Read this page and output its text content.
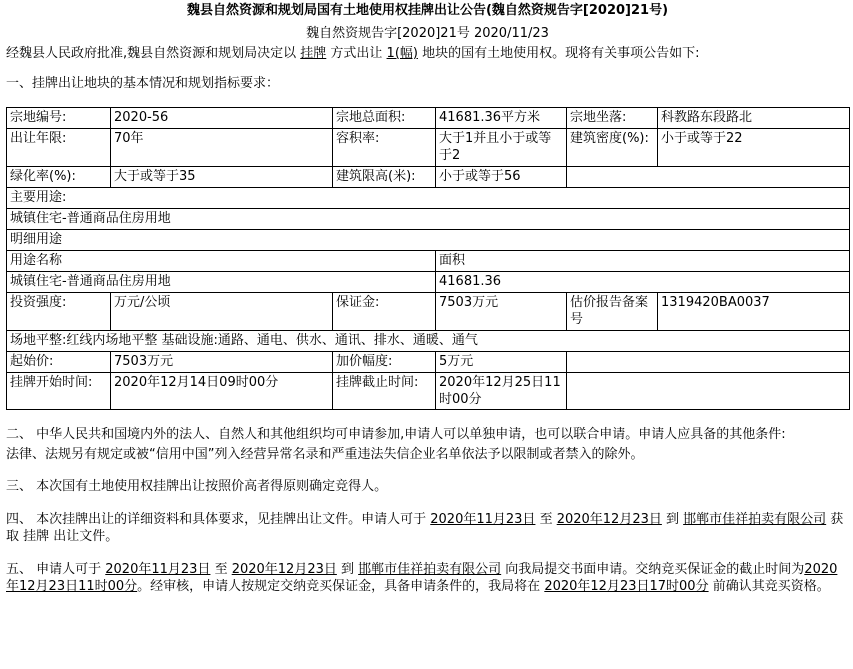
魏县自然资源和规划局国有土地使用权挂牌出让公告(魏自然资规告字[2020]21号)
魏自然资规告字[2020]21号 2020/11/23
经魏县人民政府批准,魏县自然资源和规划局决定以 挂牌 方式出让 1(幅) 地块的国有土地使用权。现将有关事项公告如下:
一、挂牌出让地块的基本情况和规划指标要求：
宗地编号:	2020-56	宗地总面积:	41681.36平方米	宗地坐落:	科教路东段路北
出让年限:	70年	容积率:	大于1并且小于或等于2	建筑密度(%):	小于或等于22
绿化率(%):	大于或等于35	建筑限高(米):	小于或等于56		
主要用途:					
城镇住宅-普通商品住房用地					
明细用途					
用途名称			面积		
城镇住宅-普通商品住房用地			41681.36		
投资强度:	万元/公顷	保证金:	7503万元	估价报告备案号	1319420BA0037
场地平整:红线内场地平整 基础设施:通路、通电、供水、通讯、排水、通暖、通气					
起始价:	7503万元	加价幅度:	5万元		
挂牌开始时间:	2020年12月14日09时00分	挂牌截止时间:	2020年12月25日11时00分		

二、 中华人民共和国境内外的法人、自然人和其他组织均可申请参加,申请人可以单独申请，也可以联合申请。申请人应具备的其他条件:

法律、法规另有规定或被“信用中国”列入经营异常名录和严重违法失信企业名单依法予以限制或者禁入的除外。

三、 本次国有土地使用权挂牌出让按照价高者得原则确定竞得人。

四、 本次挂牌出让的详细资料和具体要求，见挂牌出让文件。申请人可于 2020年11月23日 至 2020年12月23日 到 邯郸市佳祥拍卖有限公司 获取 挂牌 出让文件。

五、 申请人可于 2020年11月23日 至 2020年12月23日 到 邯郸市佳祥拍卖有限公司 向我局提交书面申请。交纳竞买保证金的截止时间为2020年12月23日11时00分。经审核，申请人按规定交纳竞买保证金，具备申请条件的，我局将在 2020年12月23日17时00分 前确认其竞买资格。
